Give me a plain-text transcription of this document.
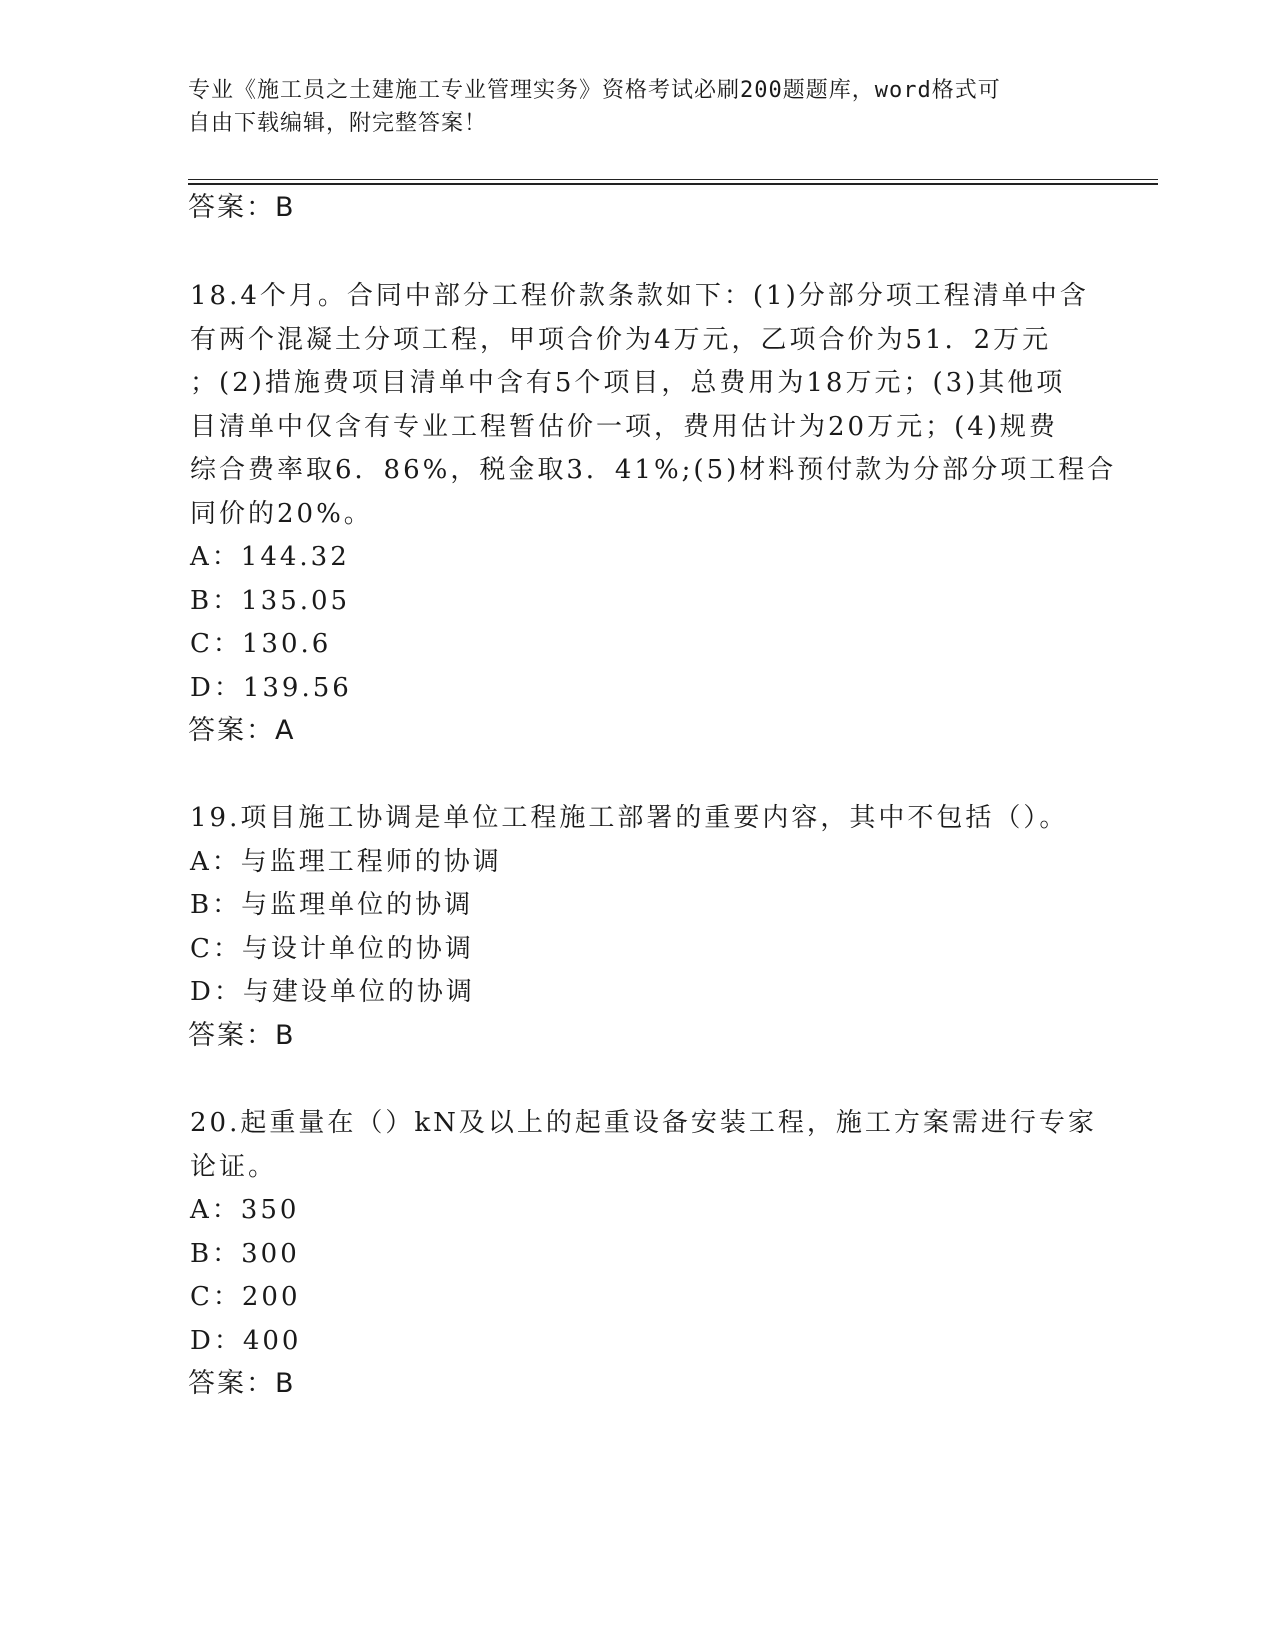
专业《施工员之土建施工专业管理实务》资格考试必刷200题题库，word格式可
自由下载编辑，附完整答案！
答案：B
18.4个月。合同中部分工程价款条款如下：(1)分部分项工程清单中含
有两个混凝土分项工程，甲项合价为4万元，乙项合价为51．2万元
；(2)措施费项目清单中含有5个项目，总费用为18万元；(3)其他项
目清单中仅含有专业工程暂估价一项，费用估计为20万元；(4)规费
综合费率取6．86%，税金取3．41%;(5)材料预付款为分部分项工程合
同价的20%。
A：144.32
B：135.05
C：130.6
D：139.56
答案：A
19.项目施工协调是单位工程施工部署的重要内容，其中不包括（）。
A：与监理工程师的协调
B：与监理单位的协调
C：与设计单位的协调
D：与建设单位的协调
答案：B
20.起重量在（）kN及以上的起重设备安装工程，施工方案需进行专家
论证。
A：350
B：300
C：200
D：400
答案：B
